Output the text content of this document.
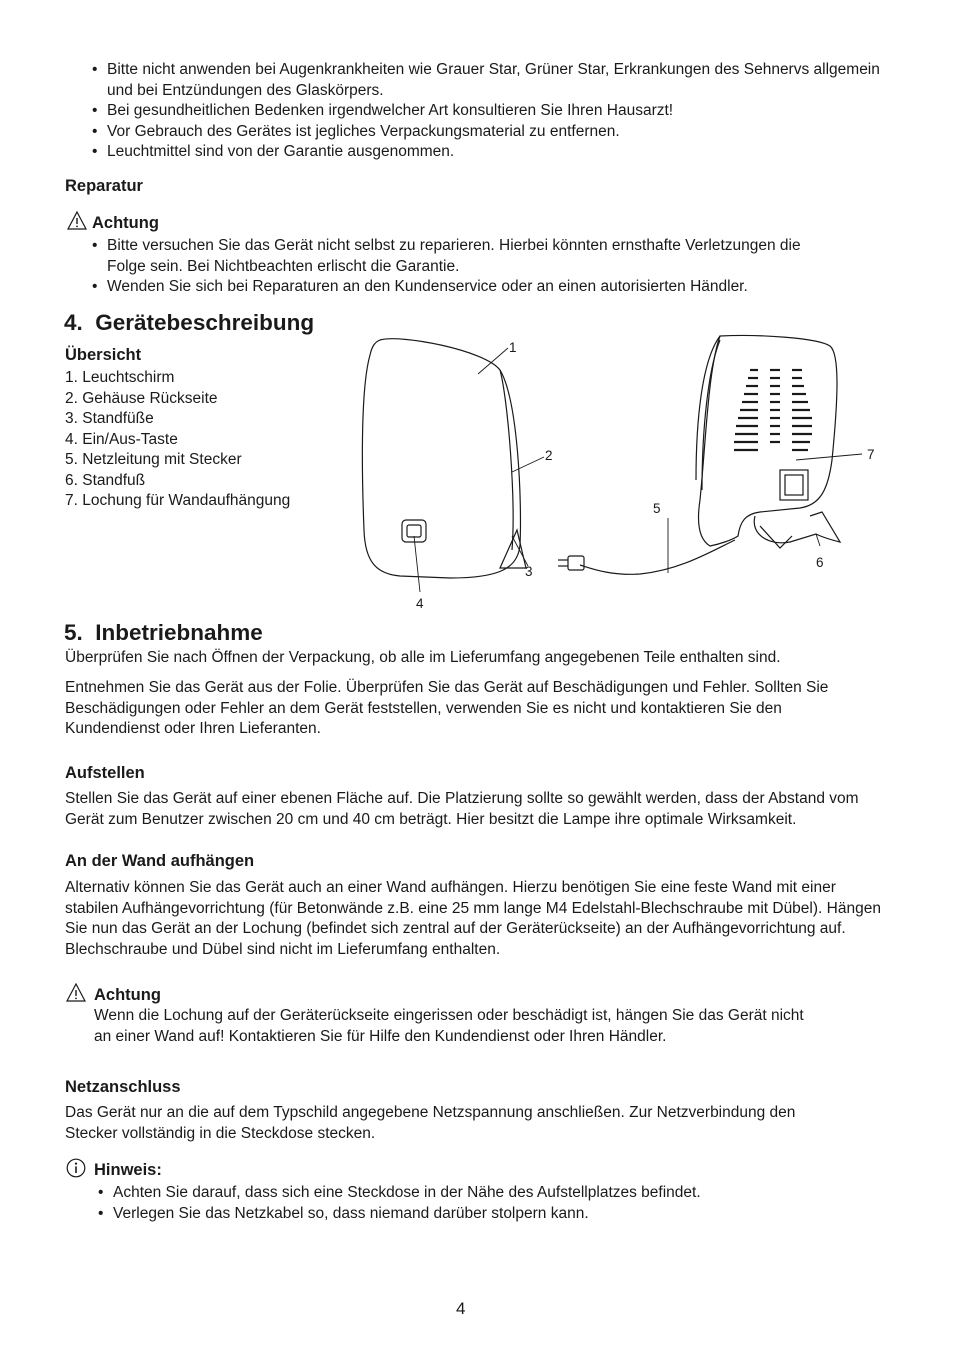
• Bitte nicht anwenden bei Augenkrankheiten wie Grauer Star, Grüner Star, Erkrankungen des Sehnervs allgemein und bei Entzündungen des Glaskörpers.
• Bei gesundheitlichen Bedenken irgendwelcher Art konsultieren Sie Ihren Hausarzt!
• Vor Gebrauch des Gerätes ist jegliches Verpackungsmaterial zu entfernen.
• Leuchtmittel sind von der Garantie ausgenommen.
Reparatur
Achtung
• Bitte versuchen Sie das Gerät nicht selbst zu reparieren. Hierbei könnten ernsthafte Verletzungen die Folge sein. Bei Nichtbeachten erlischt die Garantie.
• Wenden Sie sich bei Reparaturen an den Kundenservice oder an einen autorisierten Händler.
4.  Gerätebeschreibung
Übersicht
1. Leuchtschirm
2. Gehäuse Rückseite
3. Standfüße
4. Ein/Aus-Taste
5. Netzleitung mit Stecker
6. Standfuß
7. Lochung für Wandaufhängung
1
2
3
4
5
6
7
5.  Inbetriebnahme
Überprüfen Sie nach Öffnen der Verpackung, ob alle im Lieferumfang angegebenen Teile enthalten sind.
Entnehmen Sie das Gerät aus der Folie. Überprüfen Sie das Gerät auf Beschädigungen und Fehler. Sollten Sie Beschädigungen oder Fehler an dem Gerät feststellen, verwenden Sie es nicht und kontaktieren Sie den Kundendienst oder Ihren Lieferanten.
Aufstellen
Stellen Sie das Gerät auf einer ebenen Fläche auf. Die Platzierung sollte so gewählt werden, dass der Abstand vom Gerät zum Benutzer zwischen 20 cm und 40 cm beträgt. Hier besitzt die Lampe ihre optimale Wirksamkeit.
An der Wand aufhängen
Alternativ können Sie das Gerät auch an einer Wand aufhängen. Hierzu benötigen Sie eine feste Wand mit einer stabilen Aufhängevorrichtung (für Betonwände z.B. eine 25 mm lange M4 Edelstahl-Blechschraube mit Dübel). Hängen Sie nun das Gerät an der Lochung (befindet sich zentral auf der Geräterückseite) an der Aufhängevorrichtung auf. Blechschraube und Dübel sind nicht im Lieferumfang enthalten.
Achtung
Wenn die Lochung auf der Geräterückseite eingerissen oder beschädigt ist, hängen Sie das Gerät nicht an einer Wand auf! Kontaktieren Sie für Hilfe den Kundendienst oder Ihren Händler.
Netzanschluss
Das Gerät nur an die auf dem Typschild angegebene Netzspannung anschließen. Zur Netzverbindung den Stecker vollständig in die Steckdose stecken.
Hinweis:
• Achten Sie darauf, dass sich eine Steckdose in der Nähe des Aufstellplatzes befindet.
• Verlegen Sie das Netzkabel so, dass niemand darüber stolpern kann.
4
